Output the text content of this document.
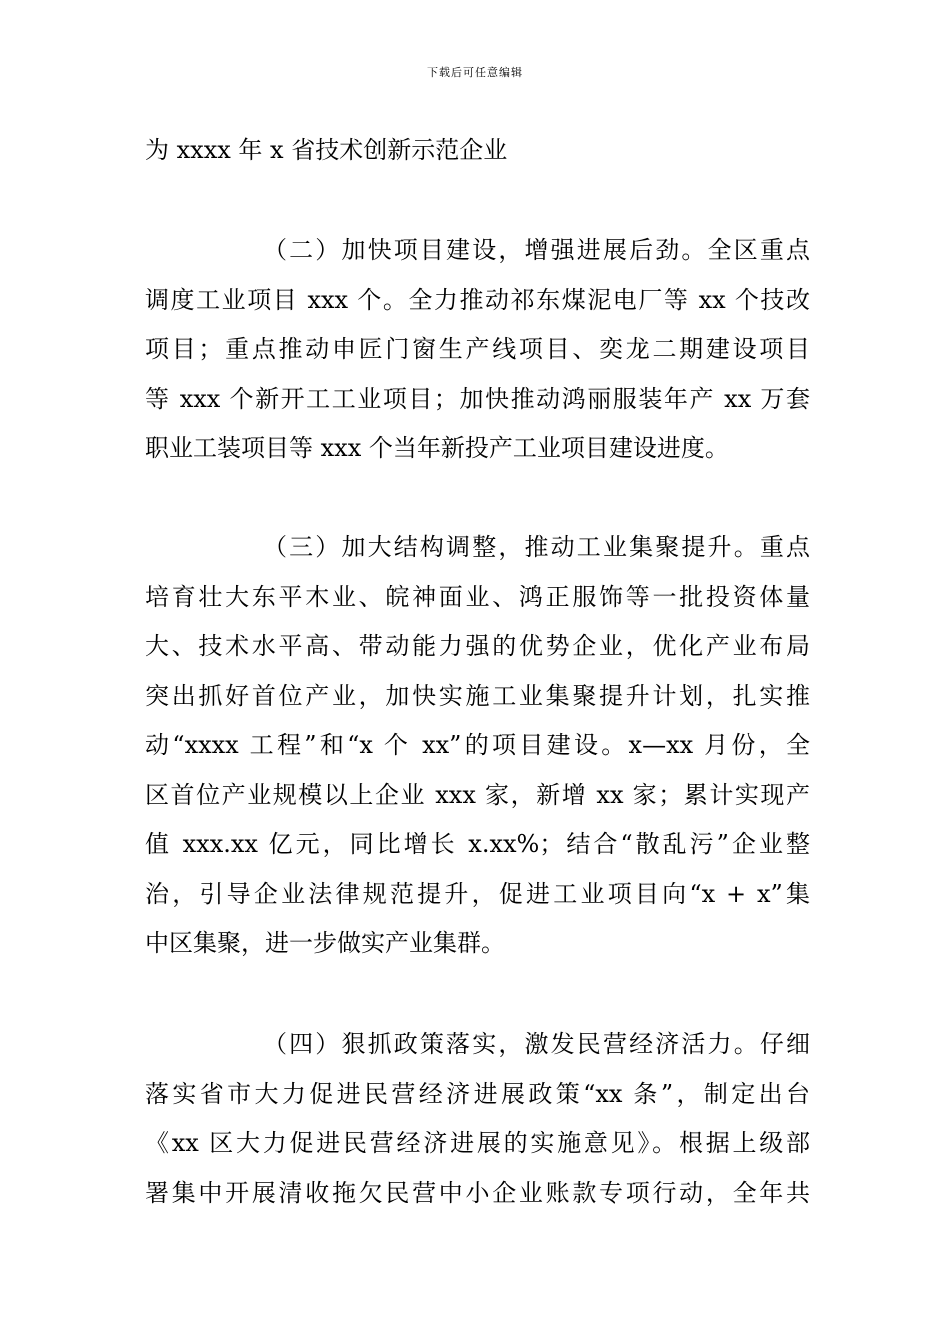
下载后可任意编辑
为 xxxx 年 x 省技术创新示范企业
（二）加快项目建设，增强进展后劲。全区重点
调度工业项目 xxx 个。全力推动祁东煤泥电厂等 xx 个技改
项目；重点推动申匠门窗生产线项目、奕龙二期建设项目
等 xxx 个新开工工业项目；加快推动鸿丽服装年产 xx 万套
职业工装项目等 xxx 个当年新投产工业项目建设进度。
（三）加大结构调整，推动工业集聚提升。重点
培育壮大东平木业、皖神面业、鸿正服饰等一批投资体量
大、技术水平高、带动能力强的优势企业，优化产业布局
突出抓好首位产业，加快实施工业集聚提升计划，扎实推
动“xxxx 工程”和“x 个 xx”的项目建设。x—xx 月份，全
区首位产业规模以上企业 xxx 家，新增 xx 家；累计实现产
值 xxx.xx 亿元，同比增长 x.xx%；结合“散乱污”企业整
治，引导企业法律规范提升，促进工业项目向“x + x”集
中区集聚，进一步做实产业集群。
（四）狠抓政策落实，激发民营经济活力。仔细
落实省市大力促进民营经济进展政策“xx 条”，制定出台
《xx 区大力促进民营经济进展的实施意见》。根据上级部
署集中开展清收拖欠民营中小企业账款专项行动，全年共
